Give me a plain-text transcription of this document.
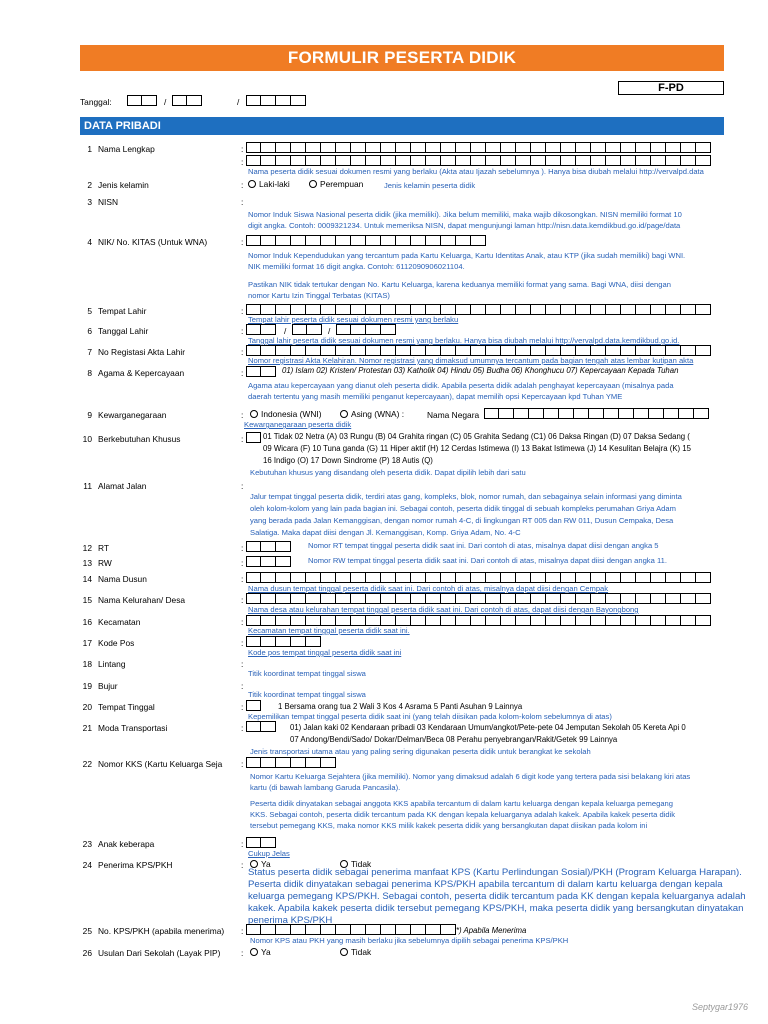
FORMULIR PESERTA DIDIK
F-PD
Tanggal:	/	/
DATA PRIBADI
1 Nama Lengkap	:
:
Nama peserta didik sesuai dokumen resmi yang berlaku (Akta atau Ijazah sebelumnya ). Hanya bisa diubah melalui http://vervalpd.data
2 Jenis kelamin	:	Laki-laki	Perempuan	Jenis kelamin peserta didik
3 NISN	:
Nomor Induk Siswa Nasional peserta didik (jika memiliki). Jika belum memiliki, maka wajib dikosongkan. NISN memiliki format 10
digit angka. Contoh: 0009321234. Untuk memeriksa NISN, dapat mengunjungi laman http://nisn.data.kemdikbud.go.id/page/data
4 NIK/ No. KITAS (Untuk WNA)	:
Nomor Induk Kependudukan yang tercantum pada Kartu Keluarga, Kartu Identitas Anak, atau KTP (jika sudah memiliki) bagi WNI.
NIK memiliki format 16 digit angka. Contoh: 6112090906021104.
Pastikan NIK tidak tertukar dengan No. Kartu Keluarga, karena keduanya memiliki format yang sama. Bagi WNA, diisi dengan
nomor Kartu Izin Tinggal Terbatas (KITAS)
5 Tempat Lahir	:
Tempat lahir peserta didik sesuai dokumen resmi yang berlaku
6 Tanggal Lahir	:	/	/
Tanggal lahir peserta didik sesuai dokumen resmi yang berlaku. Hanya bisa diubah melalui http://vervalpd.data.kemdikbud.go.id.
7 No Registasi Akta Lahir	:
Nomor registrasi Akta Kelahiran. Nomor registrasi yang dimaksud umumnya tercantum pada bagian tengah atas lembar kutipan akta
8 Agama & Kepercayaan	:	01) Islam 02) Kristen/ Protestan 03) Katholik 04) Hindu 05) Budha 06) Khonghucu 07) Kepercayaan Kepada Tuhan
Agama atau kepercayaan yang dianut oleh peserta didik. Apabila peserta didik adalah penghayat kepercayaan (misalnya pada
daerah tertentu yang masih memiliki penganut kepercayaan), dapat memilih opsi Kepercayaan kpd Tuhan YME
9 Kewarganegaraan	:	Indonesia (WNI)	Asing (WNA) :	Nama Negara
Kewarganegaraan peserta didik
10 Berkebutuhan Khusus	:	01 Tidak 02 Netra (A) 03 Rungu (B) 04 Grahita ringan (C) 05 Grahita Sedang (C1) 06 Daksa Ringan (D) 07 Daksa Sedang (
09 Wicara (F) 10 Tuna ganda (G) 11 Hiper aktif (H) 12 Cerdas Istimewa (I) 13 Bakat Istimewa (J) 14 Kesulitan Belajra (K) 15
16 Indigo (O) 17 Down Sindrome (P) 18 Autis (Q)
Kebutuhan khusus yang disandang oleh peserta didik. Dapat dipilih lebih dari satu
11 Alamat Jalan	:
Jalur tempat tinggal peserta didik, terdiri atas gang, kompleks, blok, nomor rumah, dan sebagainya selain informasi yang diminta
oleh kolom-kolom yang lain pada bagian ini. Sebagai contoh, peserta didik tinggal di sebuah kompleks perumahan Griya Adam
yang berada pada Jalan Kemanggisan, dengan nomor rumah 4-C, di lingkungan RT 005 dan RW 011, Dusun Cempaka, Desa
Salatiga. Maka dapat diisi dengan Jl. Kemanggisan, Komp. Griya Adam, No. 4-C
12 RT	:	Nomor RT tempat tinggal peserta didik saat ini. Dari contoh di atas, misalnya dapat diisi dengan angka 5
13 RW	:	Nomor RW tempat tinggal peserta didik saat ini. Dari contoh di atas, misalnya dapat diisi dengan angka 11.
14 Nama Dusun	:
Nama dusun tempat tinggal peserta didik saat ini. Dari contoh di atas, misalnya dapat diisi dengan Cempak
15 Nama Kelurahan/ Desa	:
Nama desa atau kelurahan tempat tinggal peserta didik saat ini. Dari contoh di atas, dapat diisi dengan Bayongbong
16 Kecamatan	:
Kecamatan tempat tinggal peserta didik saat ini.
17 Kode Pos	:
Kode pos tempat tinggal peserta didik saat ini
18 Lintang	:
Titik koordinat tempat tinggal siswa
19 Bujur	:
Titik koordinat tempat tinggal siswa
20 Tempat Tinggal	:	1 Bersama orang tua 2 Wali 3 Kos 4 Asrama 5 Panti Asuhan 9 Lainnya
Kepemilikan tempat tinggal peserta didik saat ini (yang telah diisikan pada kolom-kolom sebelumnya di atas)
21 Moda Transportasi	:	01) Jalan kaki 02 Kendaraan pribadi 03 Kendaraan Umum/angkot/Pete-pete 04 Jemputan Sekolah 05 Kereta Api 0
07 Andong/Bendi/Sado/ Dokar/Delman/Beca 08 Perahu penyebrangan/Rakit/Getek 99 Lainnya
Jenis transportasi utama atau yang paling sering digunakan peserta didik untuk berangkat ke sekolah
22 Nomor KKS (Kartu Keluarga Seja :
Nomor Kartu Keluarga Sejahtera (jika memiliki). Nomor yang dimaksud adalah 6 digit kode yang tertera pada sisi belakang kiri atas
kartu (di bawah lambang Garuda Pancasila).
Peserta didik dinyatakan sebagai anggota KKS apabila tercantum di dalam kartu keluarga dengan kepala keluarga pemegang
KKS. Sebagai contoh, peserta didik tercantum pada KK dengan kepala keluarganya adalah kakek. Apabila kakek peserta didik
tersebut pemegang KKS, maka nomor KKS milik kakek peserta didik yang bersangkutan dapat diisikan pada kolom ini
23 Anak keberapa	:
Cukup Jelas
24 Penerima KPS/PKH	:	Ya	Tidak
Status peserta didik sebagai penerima manfaat KPS (Kartu Perlindungan Sosial)/PKH (Program Keluarga Harapan).
Peserta didik dinyatakan sebagai penerima KPS/PKH apabila tercantum di dalam kartu keluarga dengan kepala
keluarga pemegang KPS/PKH. Sebagai contoh, peserta didik tercantum pada KK dengan kepala keluarganya adalah
kakek. Apabila kakek peserta didik tersebut pemegang KPS/PKH, maka peserta didik yang bersangkutan dinyatakan
penerima KPS/PKH
25 No. KPS/PKH (apabila menerima) :	*) Apabila Menerima
Nomor KPS atau PKH yang masih berlaku jika sebelumnya dipilih sebagai penerima KPS/PKH
26 Usulan Dari Sekolah (Layak PIP) :	Ya	Tidak
Septygar1976
